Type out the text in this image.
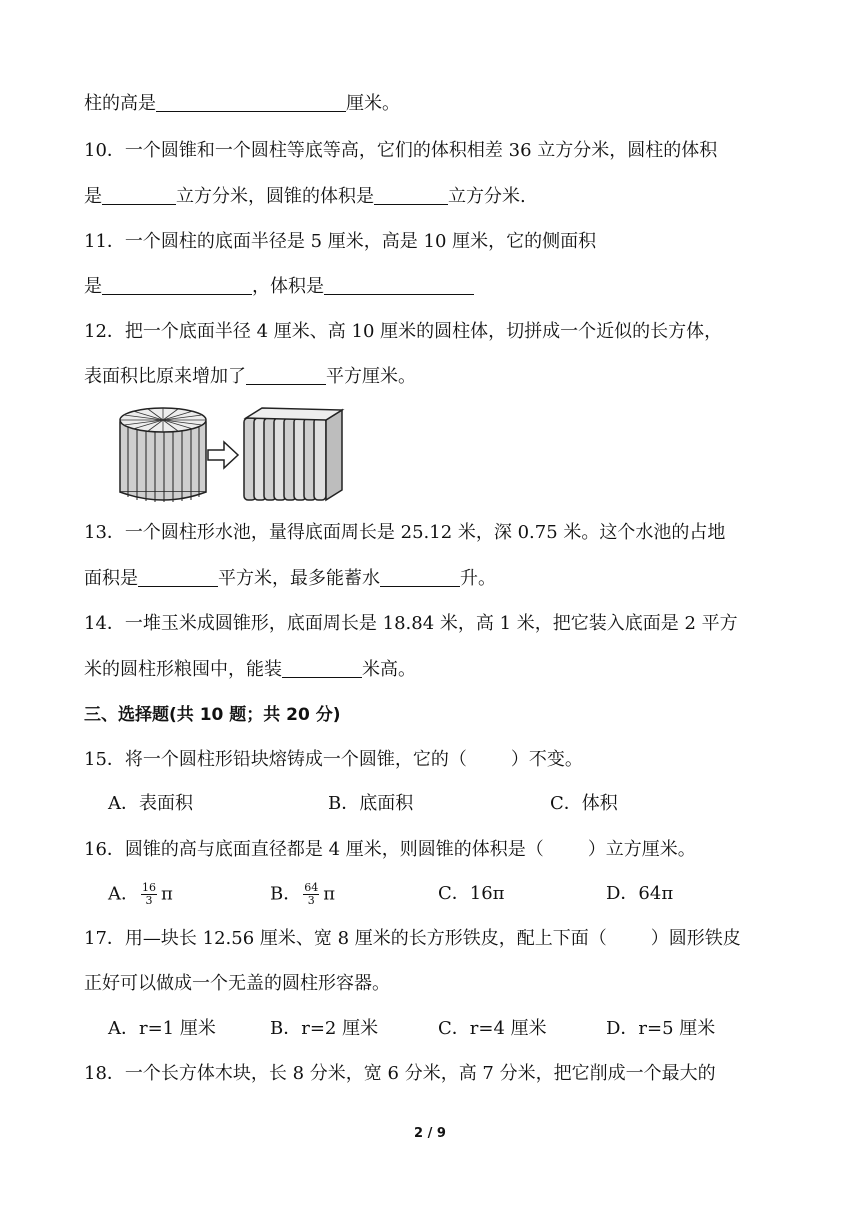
柱的高是	厘米。
10．一个圆锥和一个圆柱等底等高，它们的体积相差 36 立方分米，圆柱的体积
是	立方分米，圆锥的体积是	立方分米.
11．一个圆柱的底面半径是 5 厘米，高是 10 厘米，它的侧面积
是	，体积是
12．把一个底面半径 4 厘米、高 10 厘米的圆柱体，切拼成一个近似的长方体，
表面积比原来增加了	平方厘米。
13．一个圆柱形水池，量得底面周长是 25.12 米，深 0.75 米。这个水池的占地
面积是	平方米，最多能蓄水	升。
14．一堆玉米成圆锥形，底面周长是 18.84 米，高 1 米，把它装入底面是 2 平方
米的圆柱形粮囤中，能装	米高。
三、选择题(共 10 题；共 20 分)
15．将一个圆柱形铅块熔铸成一个圆锥，它的（ ）不变。
A．表面积	B．底面积	C．体积
16．圆锥的高与底面直径都是 4 厘米，则圆锥的体积是（ ）立方厘米。
A． $\frac{16}{3}$ π	B． $\frac{64}{3}$ π	C．16π	D．64π
17．用—块长 12.56 厘米、宽 8 厘米的长方形铁皮，配上下面（ ）圆形铁皮
正好可以做成一个无盖的圆柱形容器。
A．r=1 厘米	B．r=2 厘米	C．r=4 厘米	D．r=5 厘米
18．一个长方体木块，长 8 分米，宽 6 分米，高 7 分米，把它削成一个最大的
2 / 9
